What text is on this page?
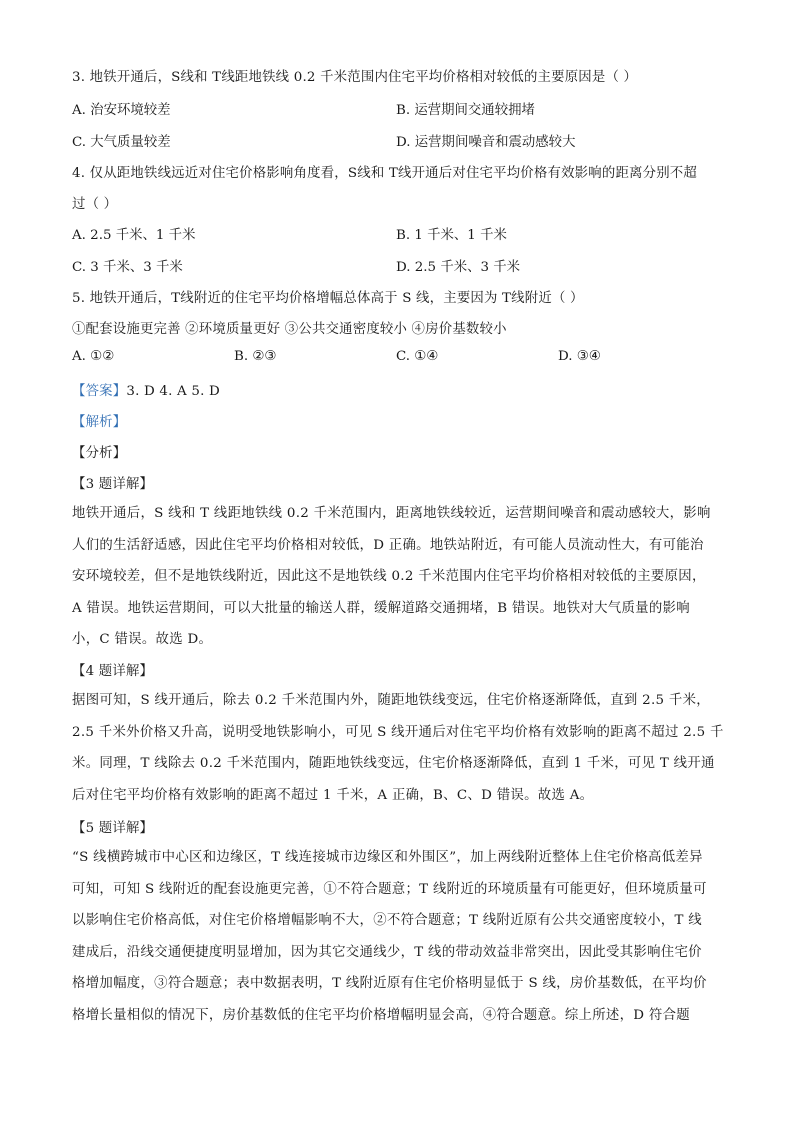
3. 地铁开通后，S线和 T线距地铁线 0.2 千米范围内住宅平均价格相对较低的主要原因是（ ）
A. 治安环境较差	B. 运营期间交通较拥堵
C. 大气质量较差	D. 运营期间噪音和震动感较大
4. 仅从距地铁线远近对住宅价格影响角度看，S线和 T线开通后对住宅平均价格有效影响的距离分别不超
过（ ）
A. 2.5 千米、1 千米	B. 1 千米、1 千米
C. 3 千米、3 千米	D. 2.5 千米、3 千米
5. 地铁开通后，T线附近的住宅平均价格增幅总体高于 S 线，主要因为 T线附近（ ）
①配套设施更完善 ②环境质量更好 ③公共交通密度较小 ④房价基数较小
A. ①②	B. ②③	C. ①④	D. ③④
【答案】3. D 4. A 5. D
【解析】
【分析】
【3 题详解】
地铁开通后，S 线和 T 线距地铁线 0.2 千米范围内，距离地铁线较近，运营期间噪音和震动感较大，影响
人们的生活舒适感，因此住宅平均价格相对较低，D 正确。地铁站附近，有可能人员流动性大，有可能治
安环境较差，但不是地铁线附近，因此这不是地铁线 0.2 千米范围内住宅平均价格相对较低的主要原因，
A 错误。地铁运营期间，可以大批量的输送人群，缓解道路交通拥堵，B 错误。地铁对大气质量的影响
小，C 错误。故选 D。
【4 题详解】
据图可知，S 线开通后，除去 0.2 千米范围内外，随距地铁线变远，住宅价格逐渐降低，直到 2.5 千米，
2.5 千米外价格又升高，说明受地铁影响小，可见 S 线开通后对住宅平均价格有效影响的距离不超过 2.5 千
米。同理，T 线除去 0.2 千米范围内，随距地铁线变远，住宅价格逐渐降低，直到 1 千米，可见 T 线开通
后对住宅平均价格有效影响的距离不超过 1 千米，A 正确，B、C、D 错误。故选 A。
【5 题详解】
“S 线横跨城市中心区和边缘区，T 线连接城市边缘区和外围区”，加上两线附近整体上住宅价格高低差异
可知，可知 S 线附近的配套设施更完善，①不符合题意；T 线附近的环境质量有可能更好，但环境质量可
以影响住宅价格高低，对住宅价格增幅影响不大，②不符合题意；T 线附近原有公共交通密度较小，T 线
建成后，沿线交通便捷度明显增加，因为其它交通线少，T 线的带动效益非常突出，因此受其影响住宅价
格增加幅度，③符合题意；表中数据表明，T 线附近原有住宅价格明显低于 S 线，房价基数低，在平均价
格增长量相似的情况下，房价基数低的住宅平均价格增幅明显会高，④符合题意。综上所述，D 符合题
